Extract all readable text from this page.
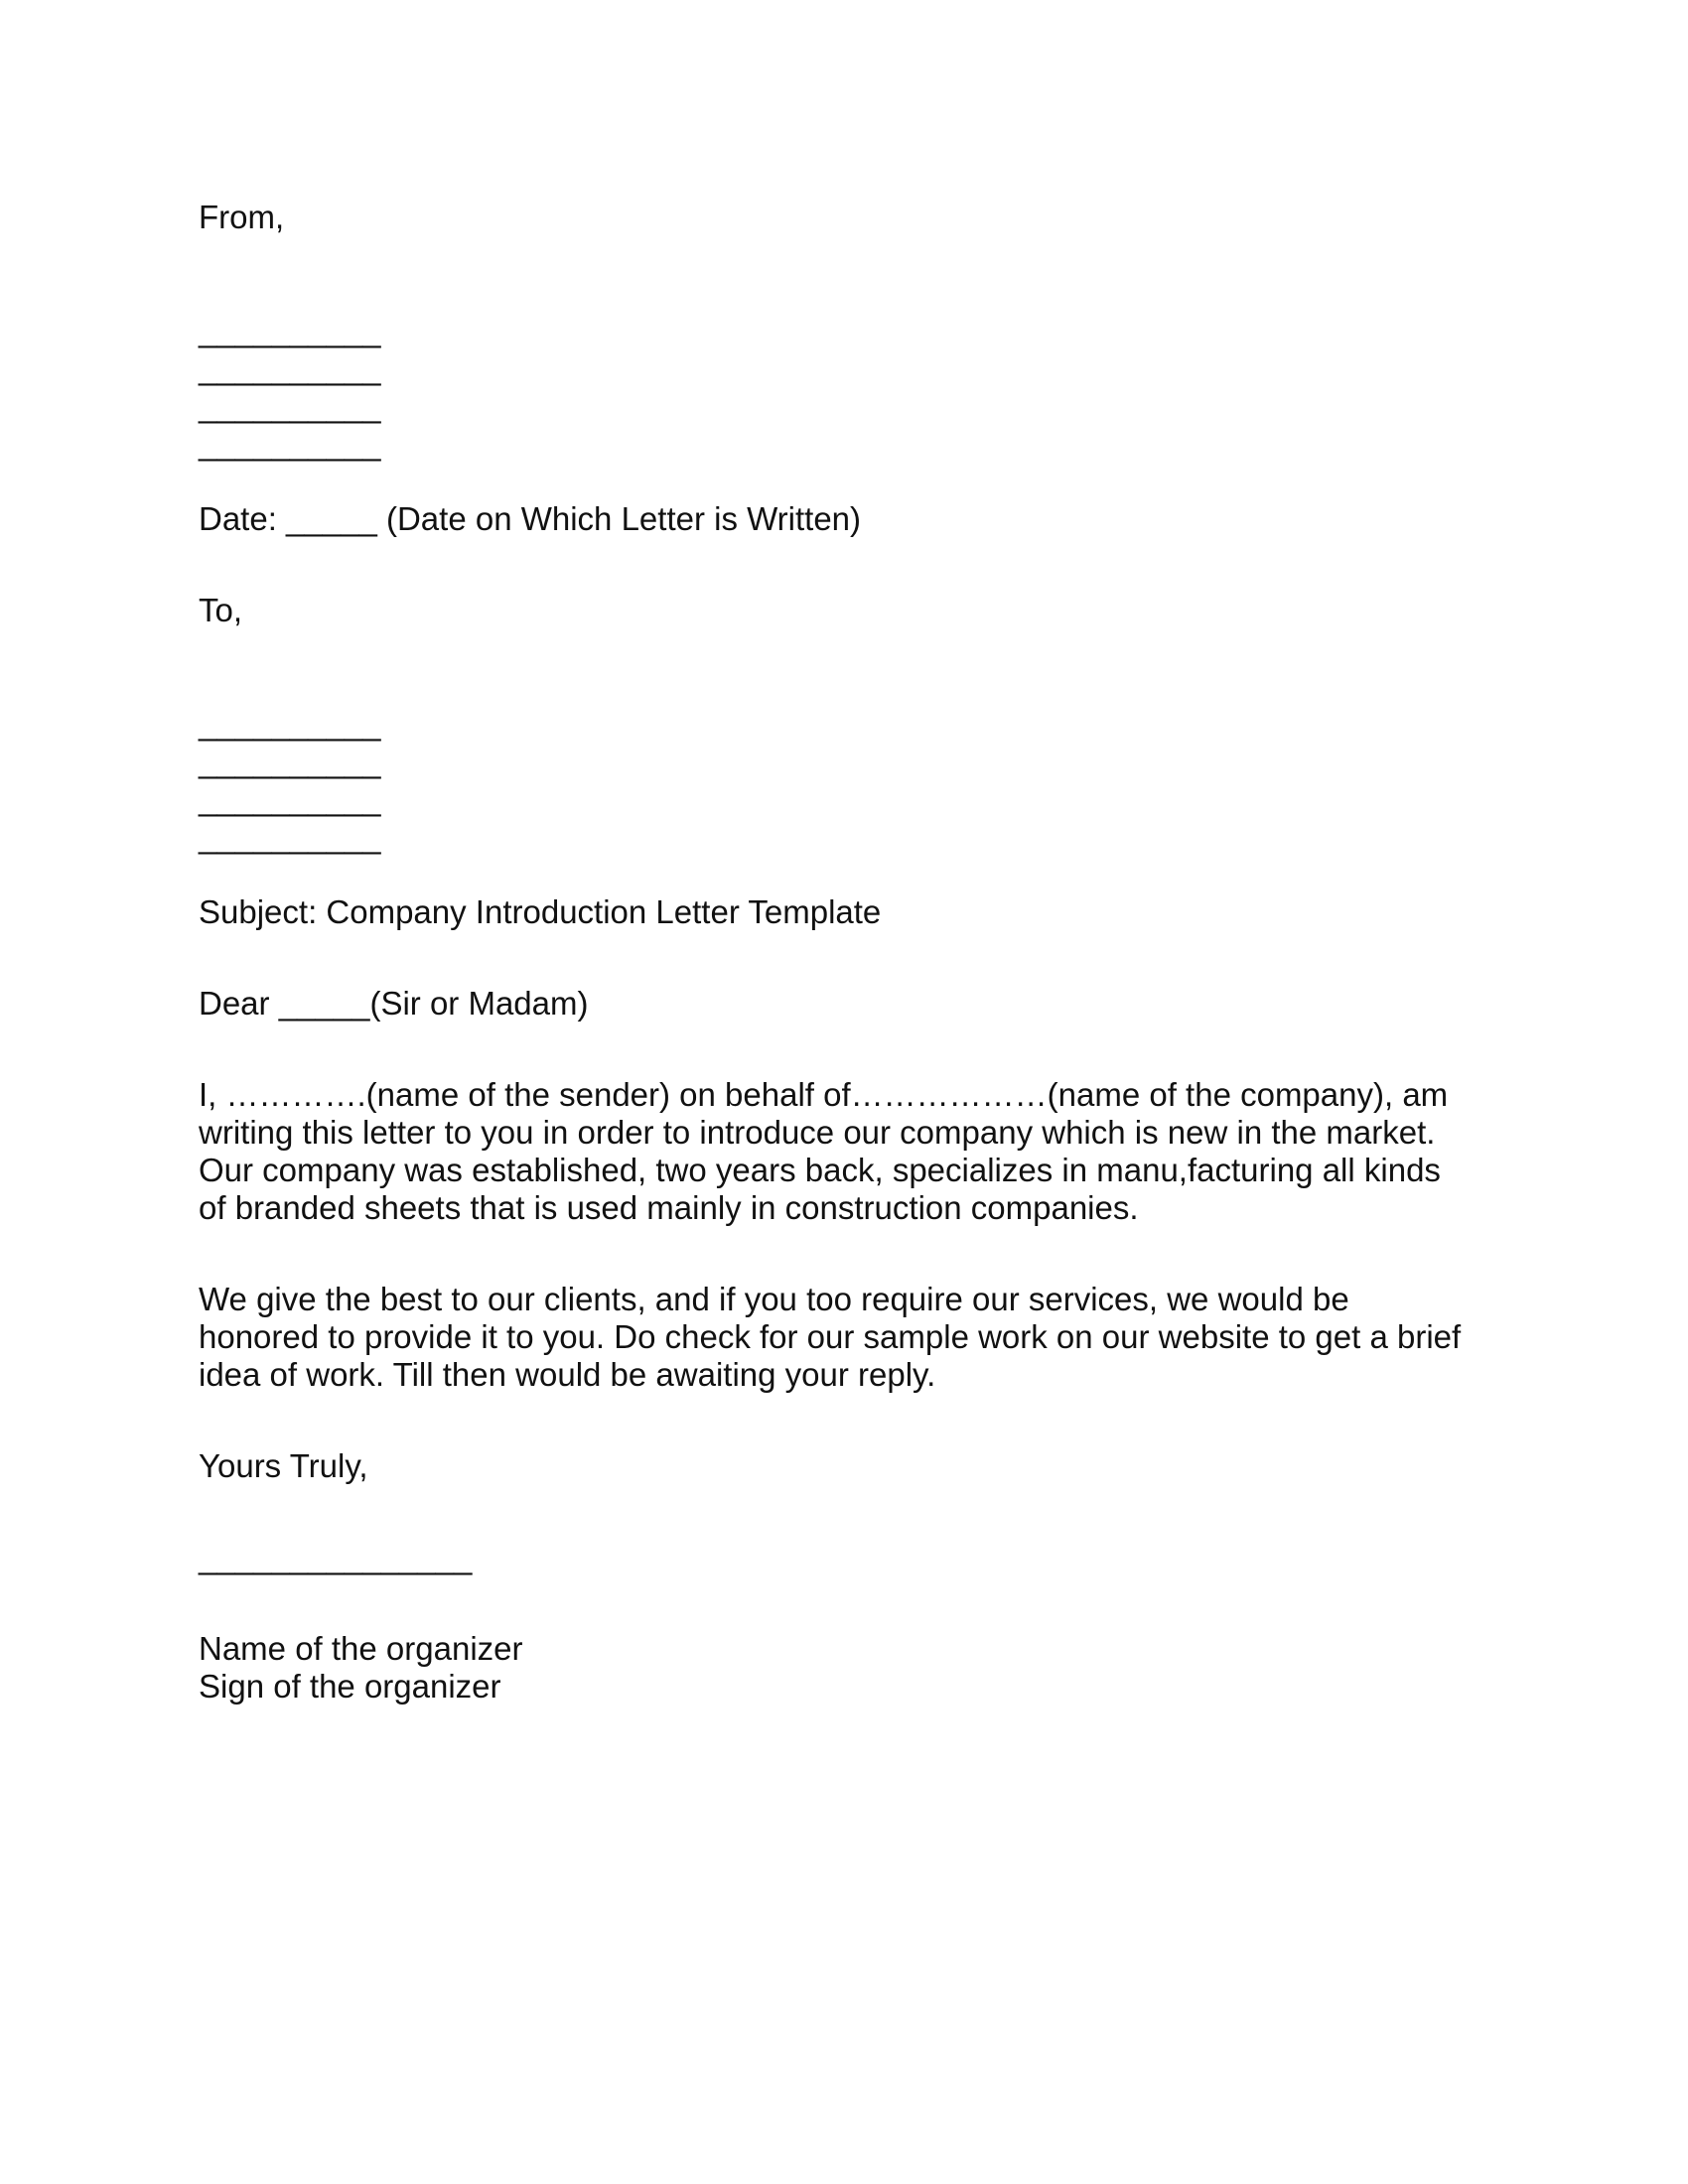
From,
__________
__________
__________
__________
Date: _____ (Date on Which Letter is Written)
To,
__________
__________
__________
__________
Subject: Company Introduction Letter Template
Dear _____(Sir or Madam)
I, ………….(name of the sender) on behalf of………………(name of the company), am
writing this letter to you in order to introduce our company which is new in the market.
Our company was established, two years back, specializes in manu,facturing all kinds
of branded sheets that is used mainly in construction companies.
We give the best to our clients, and if you too require our services, we would be
honored to provide it to you. Do check for our sample work on our website to get a brief
idea of work. Till then would be awaiting your reply.
Yours Truly,
_______________
Name of the organizer
Sign of the organizer
